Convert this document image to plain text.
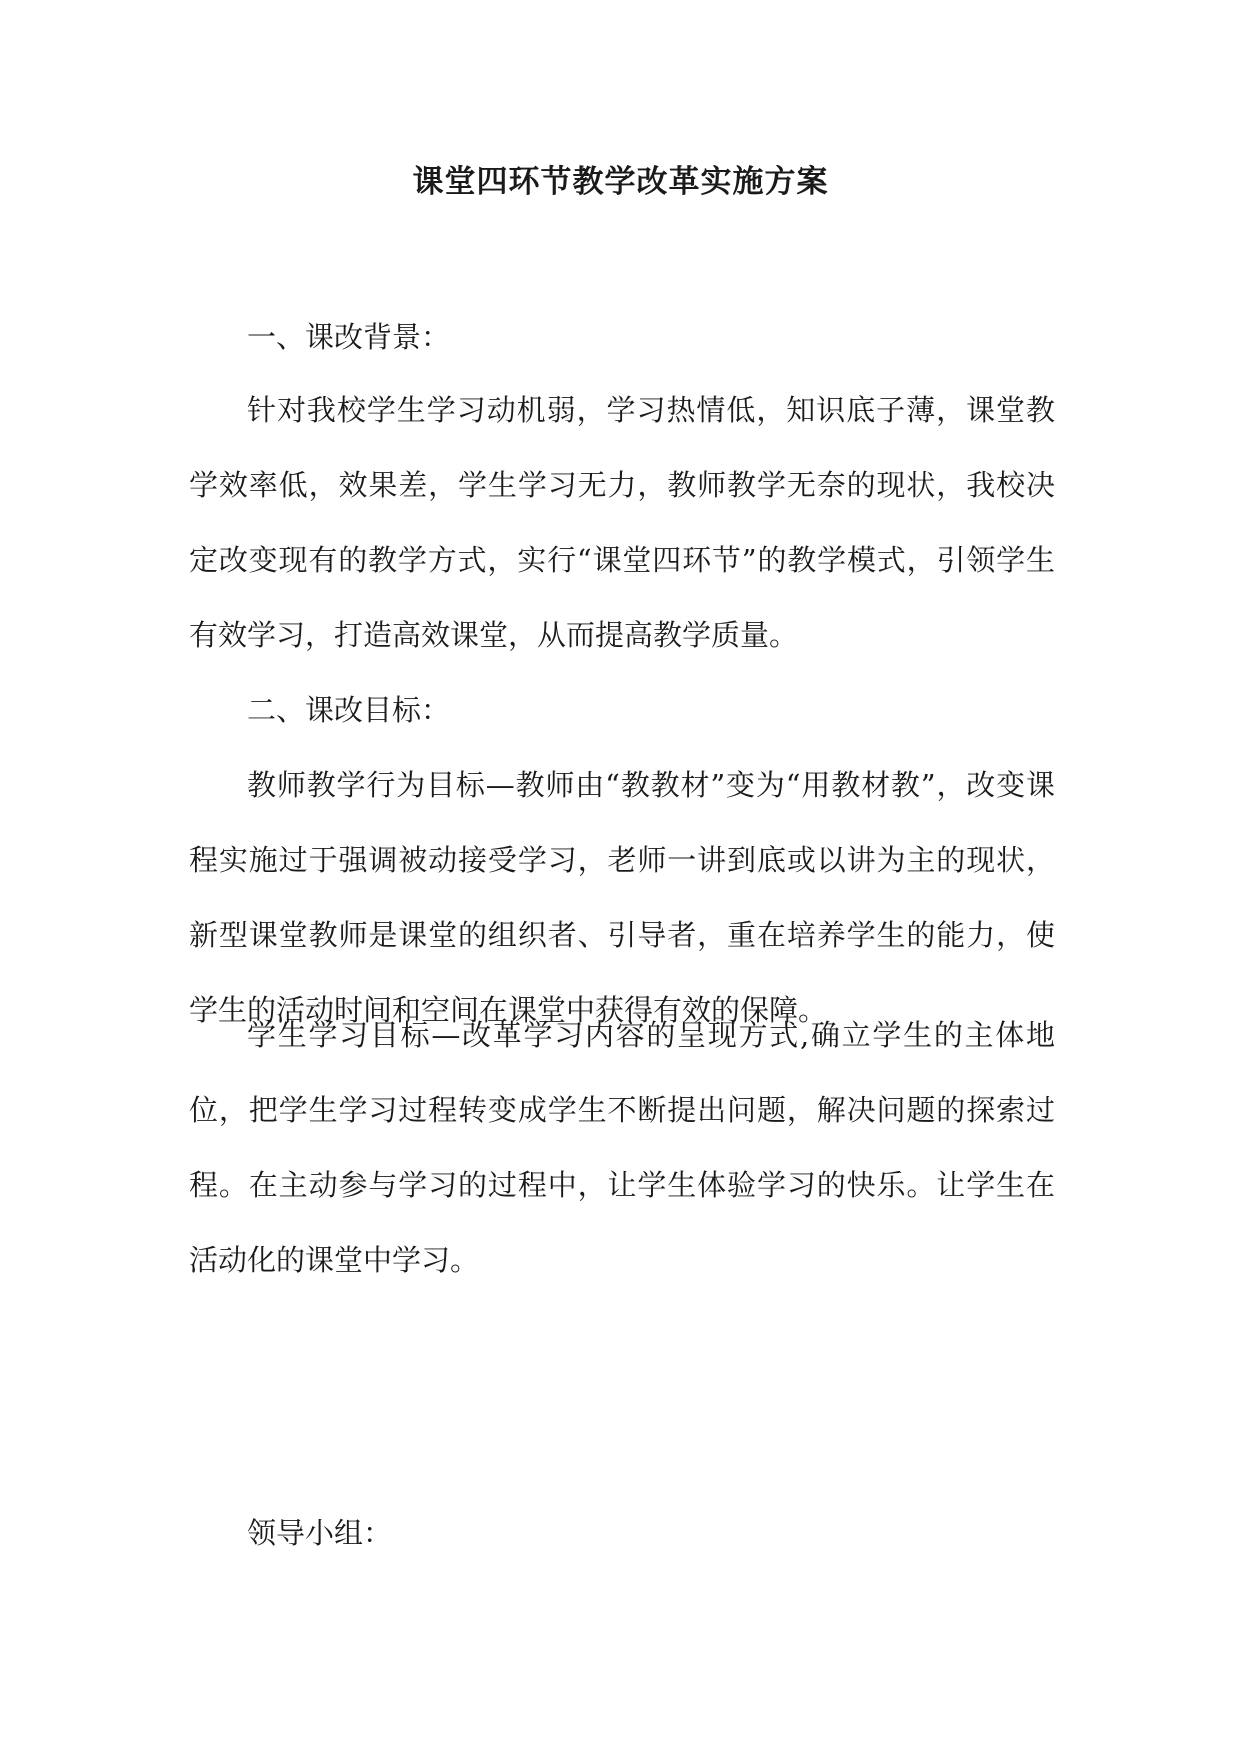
课堂四环节教学改革实施方案
一、课改背景：
针对我校学生学习动机弱，学习热情低，知识底子薄，课堂教学效率低，效果差，学生学习无力，教师教学无奈的现状，我校决定改变现有的教学方式，实行“课堂四环节”的教学模式，引领学生有效学习，打造高效课堂，从而提高教学质量。
二、课改目标：
教师教学行为目标—教师由“教教材”变为“用教材教”，改变课程实施过于强调被动接受学习，老师一讲到底或以讲为主的现状，新型课堂教师是课堂的组织者、引导者，重在培养学生的能力，使学生的活动时间和空间在课堂中获得有效的保障。
学生学习目标—改革学习内容的呈现方式,确立学生的主体地位，把学生学习过程转变成学生不断提出问题，解决问题的探索过程。在主动参与学习的过程中，让学生体验学习的快乐。让学生在活动化的课堂中学习。
领导小组：
